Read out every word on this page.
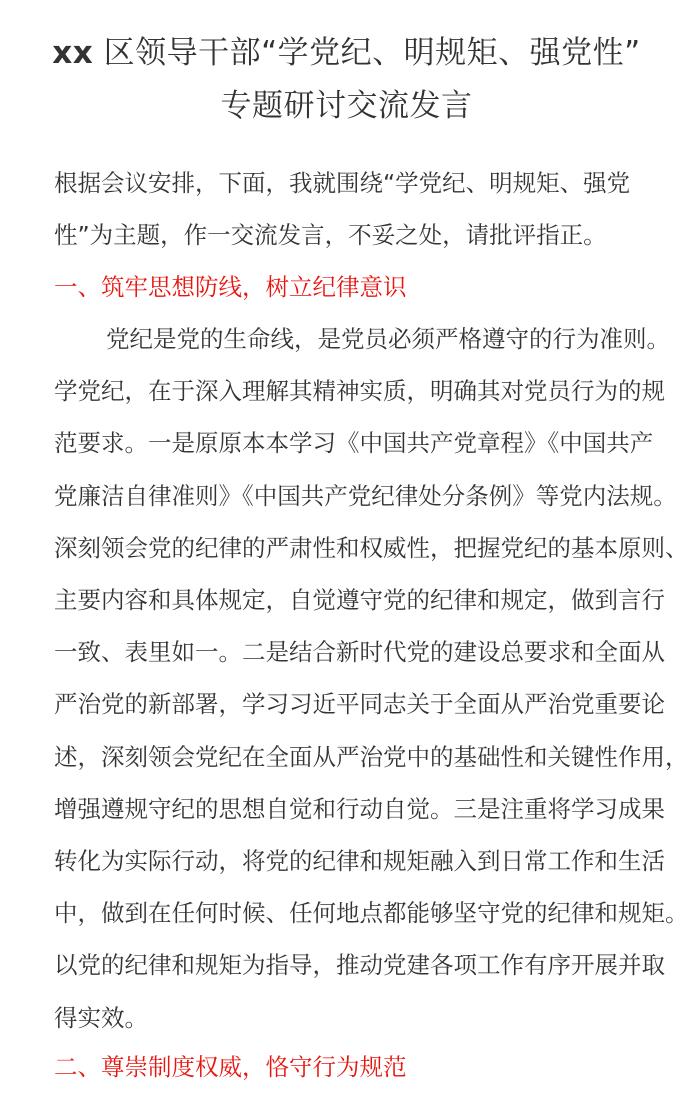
xx 区领导干部“学党纪、明规矩、强党性”
专题研讨交流发言
根据会议安排，下面，我就围绕“学党纪、明规矩、强党
性”为主题，作一交流发言，不妥之处，请批评指正。
一、筑牢思想防线，树立纪律意识
党纪是党的生命线，是党员必须严格遵守的行为准则。
学党纪，在于深入理解其精神实质，明确其对党员行为的规
范要求。一是原原本本学习《中国共产党章程》《中国共产
党廉洁自律准则》《中国共产党纪律处分条例》等党内法规。
深刻领会党的纪律的严肃性和权威性，把握党纪的基本原则、
主要内容和具体规定，自觉遵守党的纪律和规定，做到言行
一致、表里如一。二是结合新时代党的建设总要求和全面从
严治党的新部署，学习习近平同志关于全面从严治党重要论
述，深刻领会党纪在全面从严治党中的基础性和关键性作用，
增强遵规守纪的思想自觉和行动自觉。三是注重将学习成果
转化为实际行动，将党的纪律和规矩融入到日常工作和生活
中，做到在任何时候、任何地点都能够坚守党的纪律和规矩。
以党的纪律和规矩为指导，推动党建各项工作有序开展并取
得实效。
二、尊崇制度权威，恪守行为规范
